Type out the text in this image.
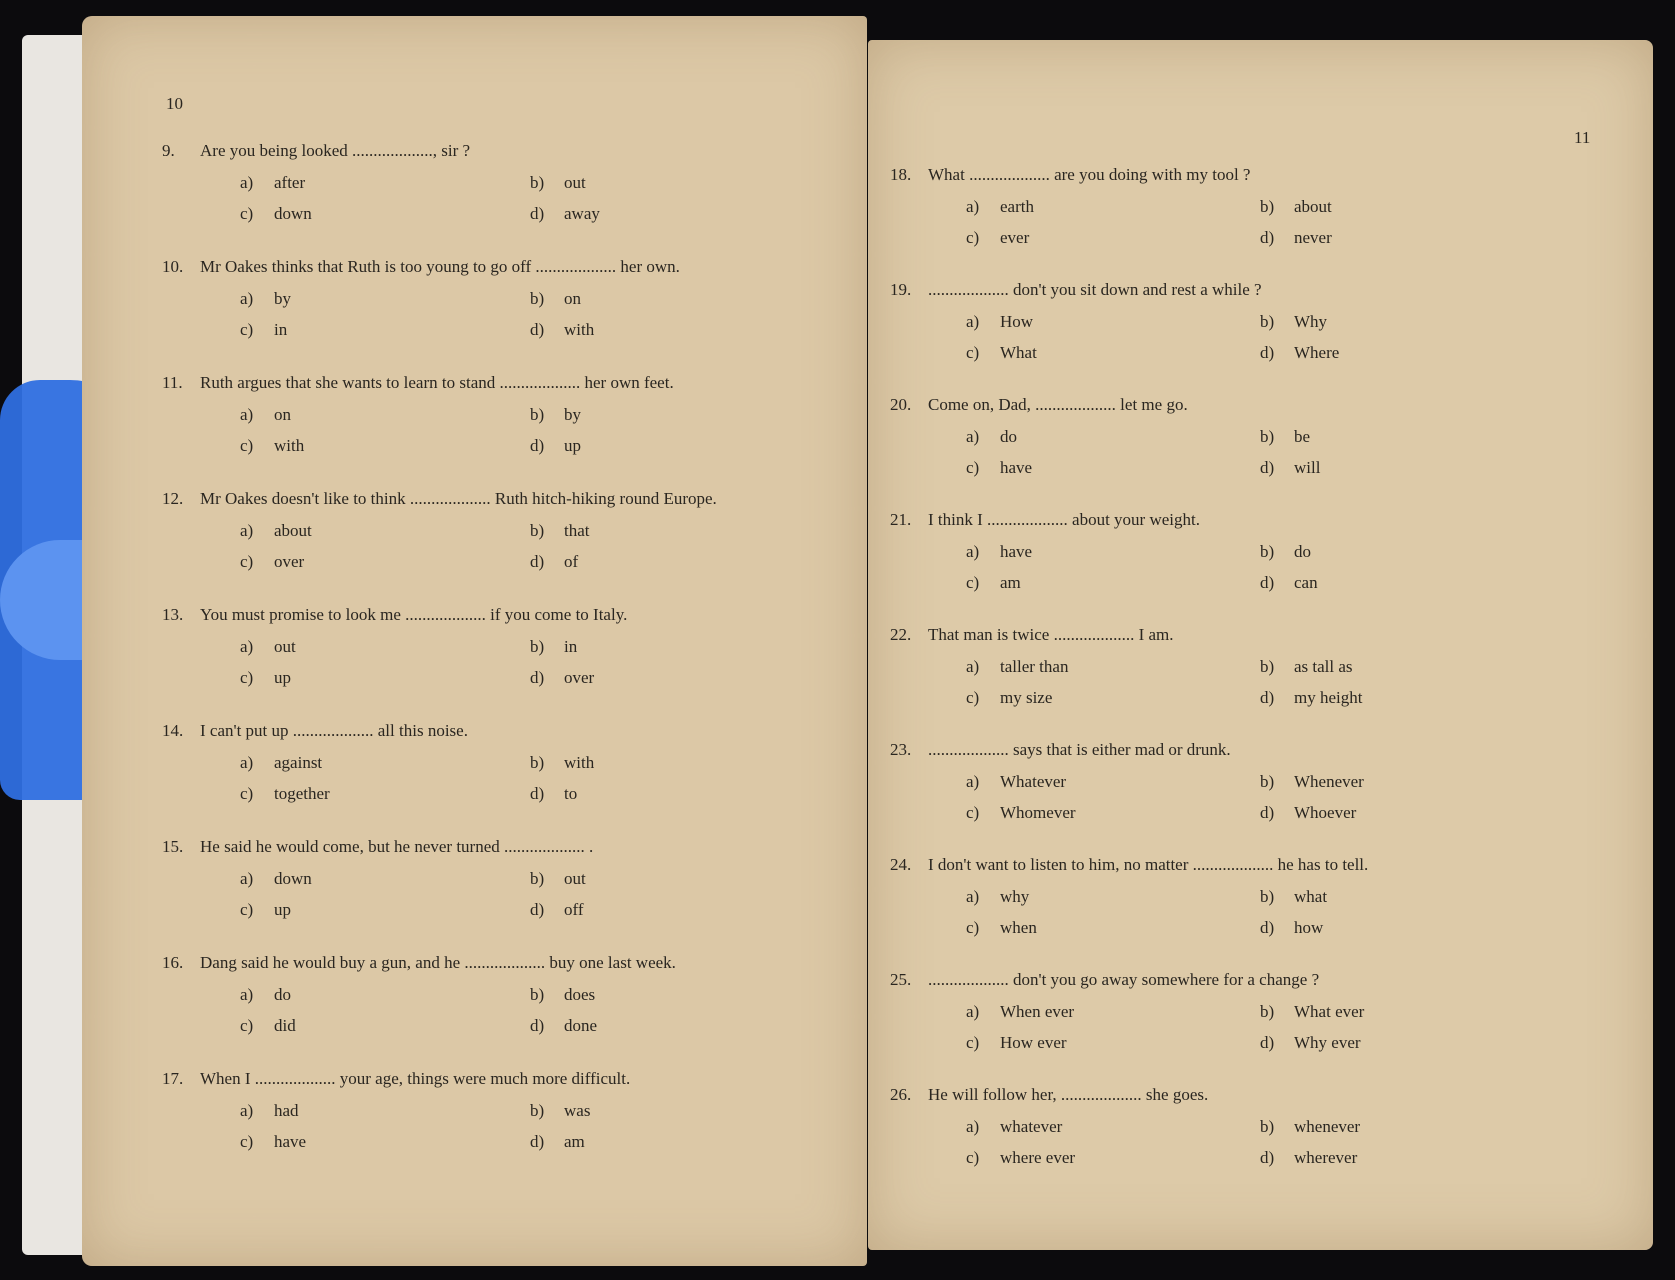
10
9. Are you being looked ..................., sir ?
a) after	b) out
c) down	d) away
10. Mr Oakes thinks that Ruth is too young to go off ................... her own.
a) by	b) on
c) in	d) with
11. Ruth argues that she wants to learn to stand ................... her own feet.
a) on	b) by
c) with	d) up
12. Mr Oakes doesn't like to think ................... Ruth hitch-hiking round Europe.
a) about	b) that
c) over	d) of
13. You must promise to look me ................... if you come to Italy.
a) out	b) in
c) up	d) over
14. I can't put up ................... all this noise.
a) against	b) with
c) together	d) to
15. He said he would come, but he never turned ................... .
a) down	b) out
c) up	d) off
16. Dang said he would buy a gun, and he ................... buy one last week.
a) do	b) does
c) did	d) done
17. When I ................... your age, things were much more difficult.
a) had	b) was
c) have	d) am
11
18. What ................... are you doing with my tool ?
a) earth	b) about
c) ever	d) never
19. ................... don't you sit down and rest a while ?
a) How	b) Why
c) What	d) Where
20. Come on, Dad, ................... let me go.
a) do	b) be
c) have	d) will
21. I think I ................... about your weight.
a) have	b) do
c) am	d) can
22. That man is twice ................... I am.
a) taller than	b) as tall as
c) my size	d) my height
23. ................... says that is either mad or drunk.
a) Whatever	b) Whenever
c) Whomever	d) Whoever
24. I don't want to listen to him, no matter ................... he has to tell.
a) why	b) what
c) when	d) how
25. ................... don't you go away somewhere for a change ?
a) When ever	b) What ever
c) How ever	d) Why ever
26. He will follow her, ................... she goes.
a) whatever	b) whenever
c) where ever	d) wherever
